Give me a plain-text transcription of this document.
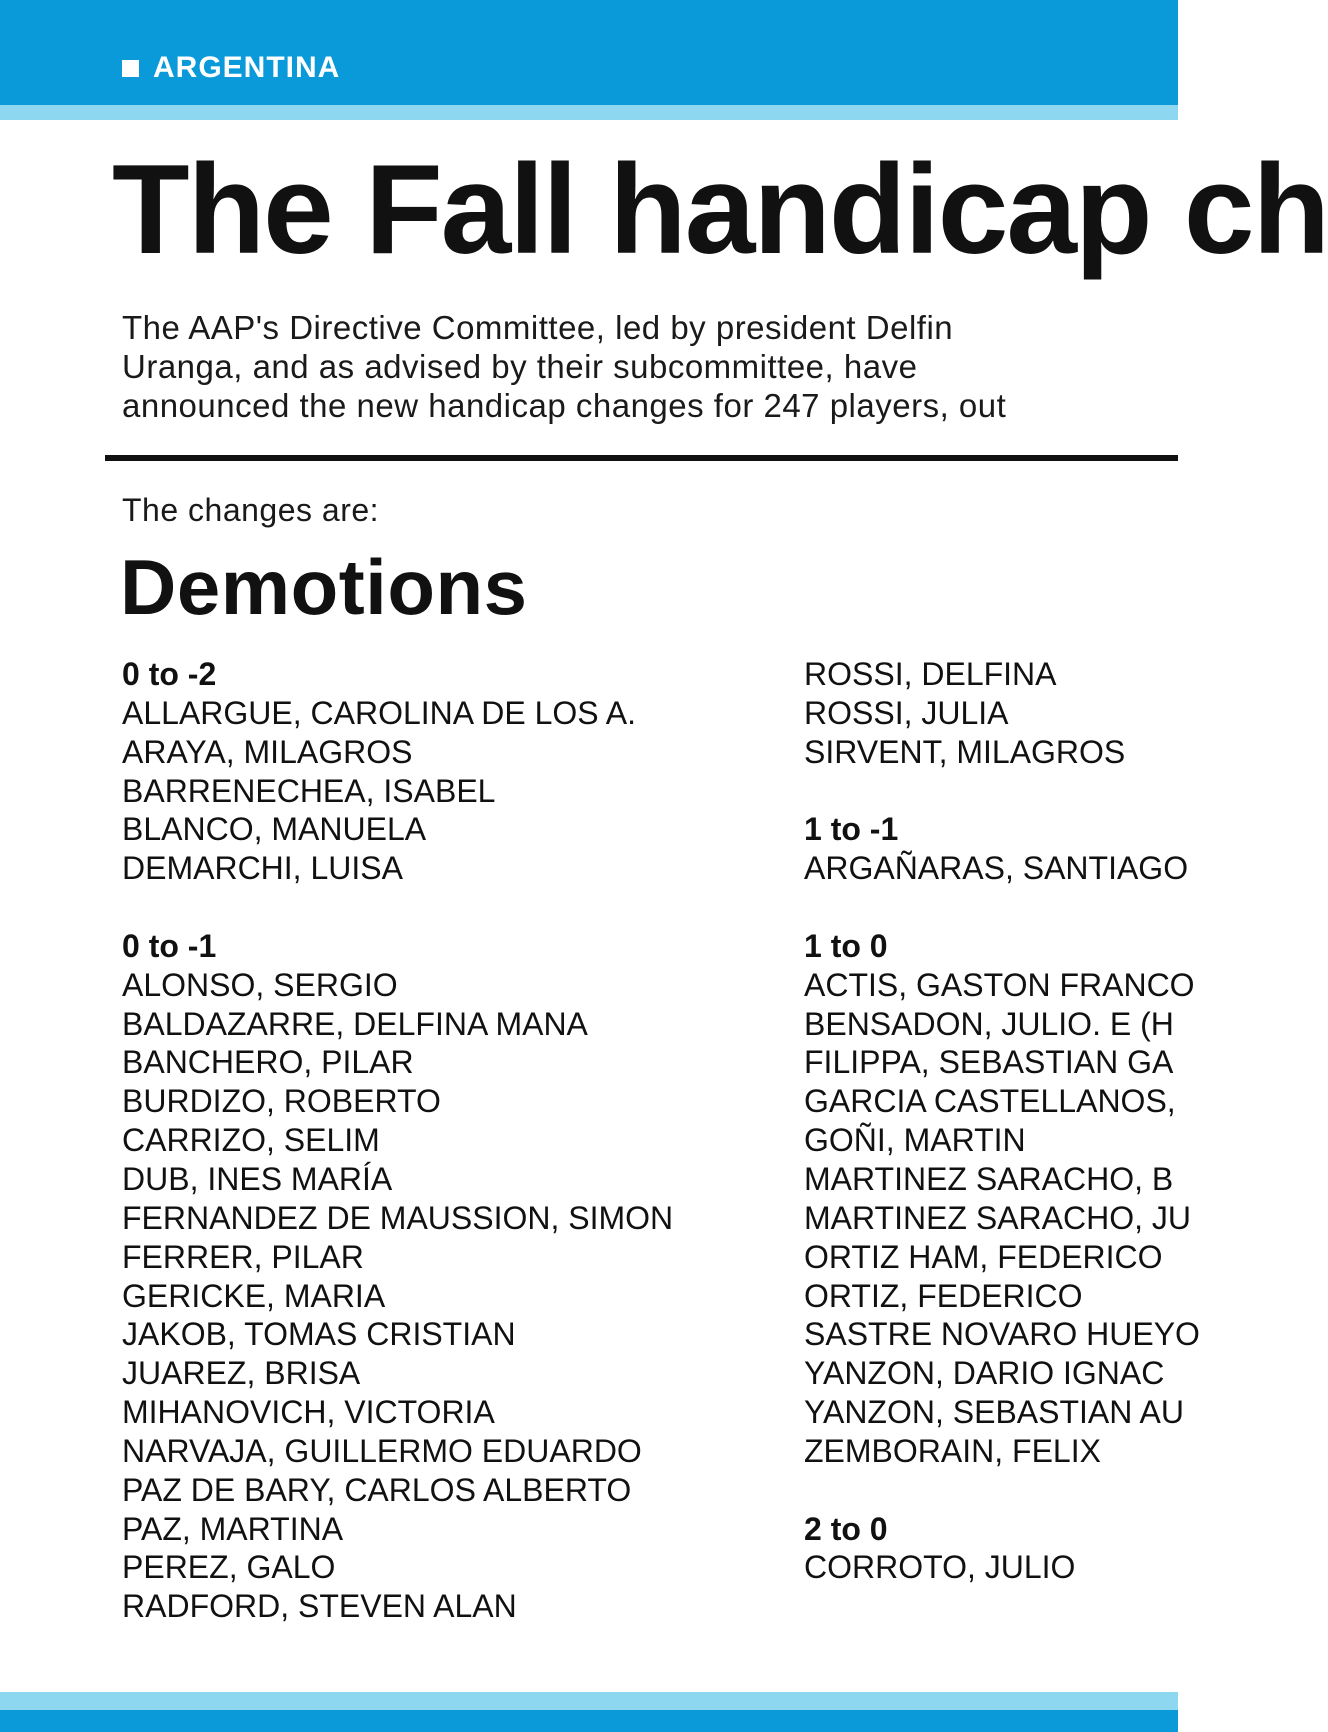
ARGENTINA
The Fall handicap ch

The AAP's Directive Committee, led by president Delfin

Uranga, and as advised by their subcommittee, have

announced the new handicap changes for 247 players, out

The changes are:
Demotions
0 to -2
ALLARGUE, CAROLINA DE LOS A.
ARAYA, MILAGROS
BARRENECHEA, ISABEL
BLANCO, MANUELA
DEMARCHI, LUISA
0 to -1
ALONSO, SERGIO
BALDAZARRE, DELFINA MANA
BANCHERO, PILAR
BURDIZO, ROBERTO
CARRIZO, SELIM
DUB, INES MARÍA
FERNANDEZ DE MAUSSION, SIMON
FERRER, PILAR
GERICKE, MARIA
JAKOB, TOMAS CRISTIAN
JUAREZ, BRISA
MIHANOVICH, VICTORIA
NARVAJA, GUILLERMO EDUARDO
PAZ DE BARY, CARLOS ALBERTO
PAZ, MARTINA
PEREZ, GALO
RADFORD, STEVEN ALAN
ROSSI, DELFINA
ROSSI, JULIA
SIRVENT, MILAGROS
1 to -1
ARGAÑARAS, SANTIAGO
1 to 0
ACTIS, GASTON FRANCO
BENSADON, JULIO. E (H
FILIPPA, SEBASTIAN GA
GARCIA CASTELLANOS,
GOÑI, MARTIN
MARTINEZ SARACHO, B
MARTINEZ SARACHO, JU
ORTIZ HAM, FEDERICO
ORTIZ, FEDERICO
SASTRE NOVARO HUEYO
YANZON, DARIO IGNAC
YANZON, SEBASTIAN AU
ZEMBORAIN, FELIX
2 to 0
CORROTO, JULIO
